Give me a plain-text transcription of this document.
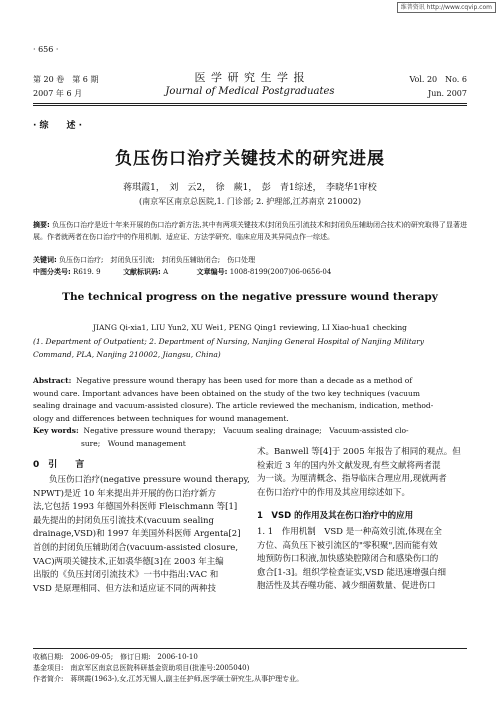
维普资讯 http://www.cqvip.com
· 656 ·
第 20 卷　第 6 期
2007 年 6 月
医 学 研 究 生 学 报
Journal of Medical Postgraduates
Vol. 20　No. 6
Jun. 2007
· 综　　述 ·
负压伤口治疗关键技术的研究进展
蒋琪霞1，　刘　云2，　徐　蕨1，　彭　青1综述，　李晓华1审校
(南京军区南京总医院,1. 门诊部; 2. 护理部,江苏南京 210002)
摘要: 负压伤口治疗是近十年来开展的伤口治疗新方法,其中有两项关键技术(封闭负压引流技术和封闭负压辅助闭合技术)的研究取得了显著进展。作者就两者在伤口治疗中的作用机制、适应证、方法学研究、临床应用及其异同点作一综述。
关键词: 负压伤口治疗;　封闭负压引流;　封闭负压辅助闭合;　伤口处理
中图分类号: R619. 9	文献标识码: A	文章编号: 1008-8199(2007)06-0656-04
The technical progress on the negative pressure wound therapy
JIANG Qi-xia1, LIU Yun2, XU Wei1, PENG Qing1 reviewing, LI Xiao-hua1 checking
(1. Department of Outpatient; 2. Department of Nursing, Nanjing General Hospital of Nanjing Military
Command, PLA, Nanjing 210002, Jiangsu, China)
Abstract: Negative pressure wound therapy has been used for more than a decade as a method of
wound care. Important advances have been obtained on the study of the two key techniques (vacuum
sealing drainage and vacuum-assisted closure). The article reviewed the mechanism, indication, method-
ology and differences between techniques for wound management.
Key words: Negative pressure wound therapy;　Vacuum sealing drainage;　Vacuum-assisted clo-
sure;　Wound management
0　引　　言
负压伤口治疗(negative pressure wound therapy,
NPWT)是近 10 年来提出并开展的伤口治疗新方
法,它包括 1993 年德国外科医师 Fleischmann 等[1]
最先提出的封闭负压引流技术(vacuum sealing
drainage,VSD)和 1997 年美国外科医师 Argenta[2]
首创的封闭负压辅助闭合(vacuum-assisted closure,
VAC)两项关键技术,正如裘华德[3]在 2003 年主编
出版的《负压封闭引流技术》一书中指出:VAC 和
VSD 是原理相同、但方法和适应证不同的两种技
术。Banwell 等[4]于 2005 年报告了相同的观点。但
检索近 3 年的国内外文献发现,有些文献将两者混
为一谈。为厘清概念、指导临床合理应用,现就两者
在伤口治疗中的作用及其应用综述如下。
1　VSD 的作用及其在伤口治疗中的应用
1. 1　作用机制　VSD 是一种高效引流,体现在全
方位、高负压下被引流区的"零积聚",因而能有效
地预防伤口积液,加快感染腔隙闭合和感染伤口的
愈合[1-3]。组织学检查证实,VSD 能迅速增强白细
胞活性及其吞噬功能、减少细菌数量、促进伤口
收稿日期:　2006-09-05;　修订日期:　2006-10-10
基金项目:　南京军区南京总医院科研基金资助项目(批准号:2005040)
作者简介:　蒋琪霞(1963-),女,江苏无锡人,副主任护师,医学硕士研究生,从事护理专业。
